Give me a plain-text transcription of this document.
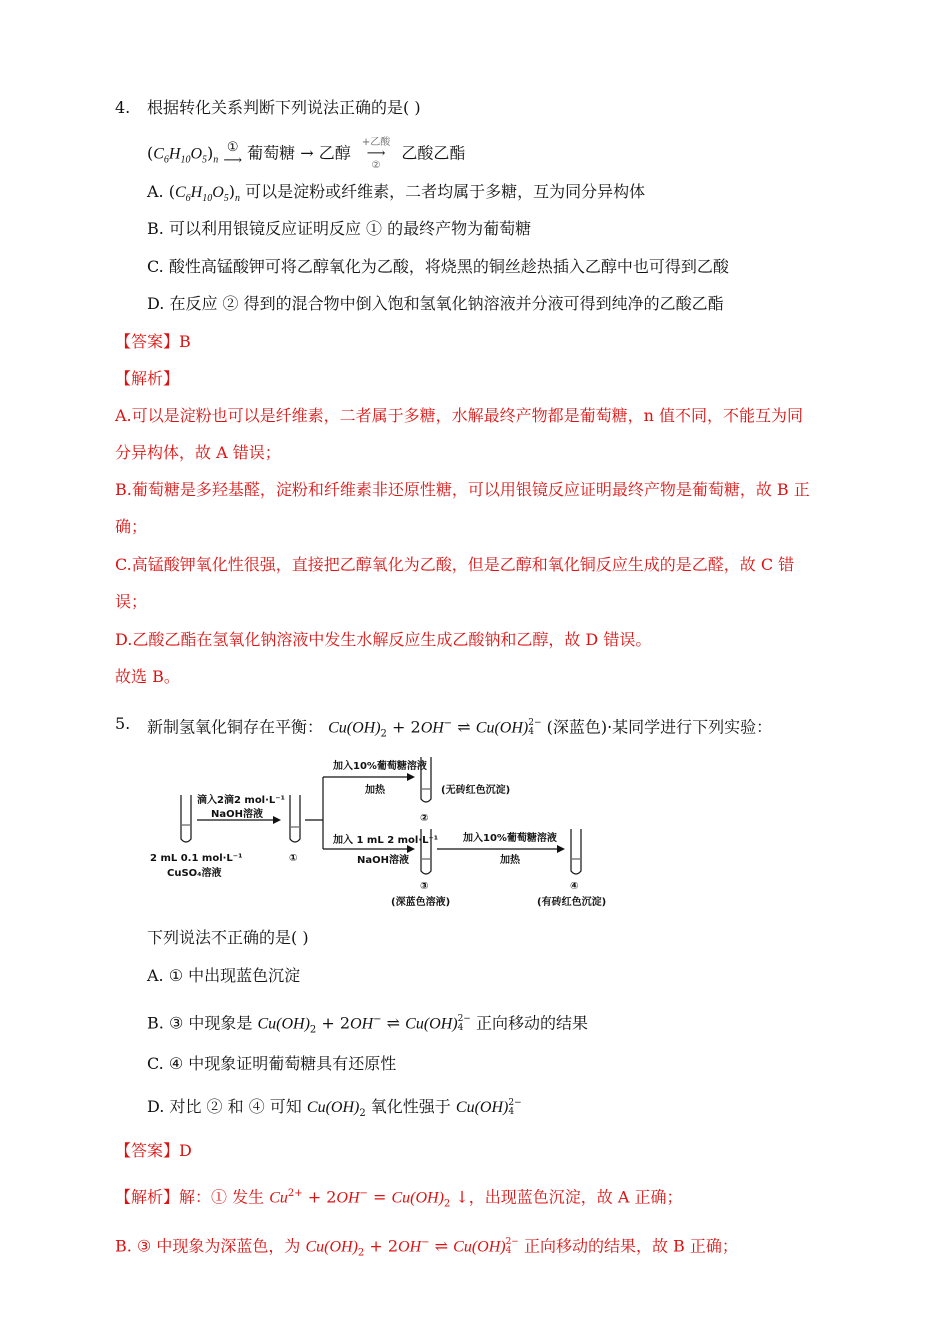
4. 根据转化关系判断下列说法正确的是( )
$(C_6H_{10}O_5)_n$ ①
⟶ 葡萄糖 → 乙醇 +乙酸
⟶
② 乙酸乙酯
A. $(C_6H_{10}O_5)_n$ 可以是淀粉或纤维素，二者均属于多糖，互为同分异构体
B. 可以利用银镜反应证明反应 ① 的最终产物为葡萄糖
C. 酸性高锰酸钾可将乙醇氧化为乙酸，将烧黑的铜丝趁热插入乙醇中也可得到乙酸
D. 在反应 ② 得到的混合物中倒入饱和氢氧化钠溶液并分液可得到纯净的乙酸乙酯
【答案】B
【解析】
A.可以是淀粉也可以是纤维素，二者属于多糖，水解最终产物都是葡萄糖，n 值不同，不能互为同
分异构体，故 A 错误；
B.葡萄糖是多羟基醛，淀粉和纤维素非还原性糖，可以用银镜反应证明最终产物是葡萄糖，故 B 正
确；
C.高锰酸钾氧化性很强，直接把乙醇氧化为乙酸，但是乙醇和氧化铜反应生成的是乙醛，故 C 错
误；
D.乙酸乙酯在氢氧化钠溶液中发生水解反应生成乙酸钠和乙醇，故 D 错误。
故选 B。
5. 新制氢氧化铜存在平衡： $Cu(OH)_2 + 2OH^-$ ⇌ Cu(OH)2−
4 (深蓝色)·某同学进行下列实验：
2 mL 0.1 mol·L⁻¹
CuSO₄溶液
滴入2滴2 mol·L⁻¹
NaOH溶液
①
加入10%葡萄糖溶液
加热
加入 1 mL 2 mol·L⁻¹
NaOH溶液
②
(无砖红色沉淀)
③
(深蓝色溶液)
加入10%葡萄糖溶液
加热
④
(有砖红色沉淀)
下列说法不正确的是( )
A. ① 中出现蓝色沉淀
B. ③ 中现象是 $Cu(OH)_2 + 2OH^-$ ⇌ Cu(OH)2−
4 正向移动的结果
C. ④ 中现象证明葡萄糖具有还原性
D. 对比 ② 和 ④ 可知 $Cu(OH)_2$ 氧化性强于 Cu(OH)2−
4
【答案】D
【解析】解：① 发生 $Cu^{2+} + 2OH^- = Cu(OH)_2$ ↓，出现蓝色沉淀，故 A 正确；
B. ③ 中现象为深蓝色，为 $Cu(OH)_2 + 2OH^-$ ⇌ Cu(OH)2−
4 正向移动的结果，故 B 正确；
